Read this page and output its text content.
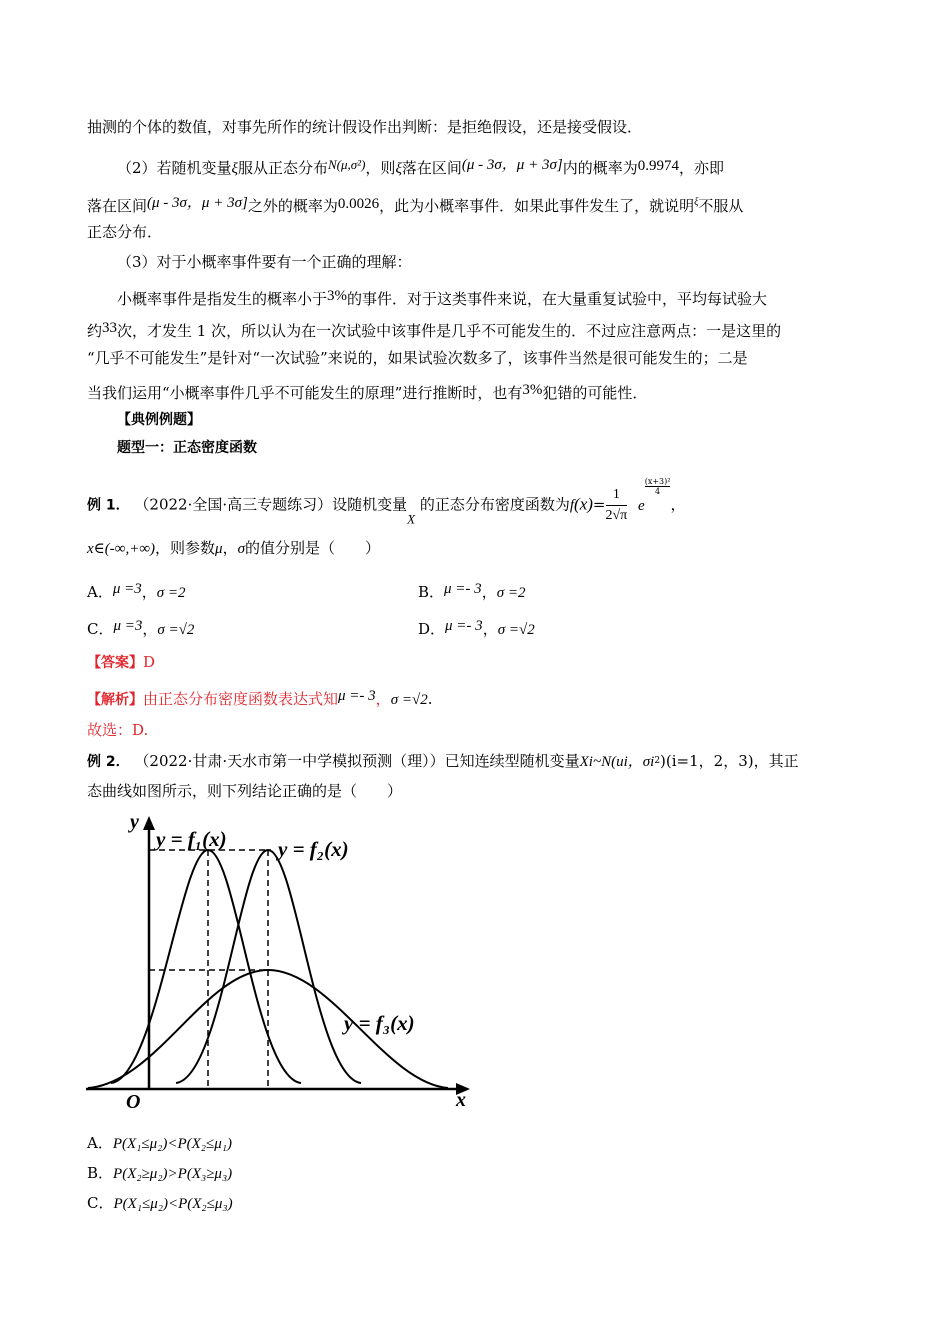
抽测的个体的数值，对事先所作的统计假设作出判断：是拒绝假设，还是接受假设．
（2）若随机变量ξ服从正态分布N(μ,σ²)，则ξ落在区间(μ - 3σ，μ + 3σ]内的概率为0.9974，亦即
落在区间(μ - 3σ，μ + 3σ]之外的概率为0.0026，此为小概率事件．如果此事件发生了，就说明$^\xi$不服从
正态分布．
（3）对于小概率事件要有一个正确的理解：
小概率事件是指发生的概率小于3%的事件．对于这类事件来说，在大量重复试验中，平均每试验大
约33次，才发生 1 次，所以认为在一次试验中该事件是几乎不可能发生的．不过应注意两点：一是这里的
“几乎不可能发生”是针对“一次试验”来说的，如果试验次数多了，该事件当然是很可能发生的；二是
当我们运用“小概率事件几乎不可能发生的原理”进行推断时，也有3%犯错的可能性．
【典例例题】
题型一：正态密度函数
例 1． （2022·全国·高三专题练习）设随机变量X 的正态分布密度函数为$f(x)= \frac{1}{2√\pi}$ e
$\frac{\text{(x+3)²}}{4}$
，
x∈(-∞,+∞)，则参数μ，σ的值分别是（　　）
A．μ =3，σ =2	B．μ =- 3，σ =2
C．μ =3，σ =√2	D．μ =- 3，σ =√2
【答案】D
【解析】由正态分布密度函数表达式知μ =- 3，σ =√2.
故选：D.
例 2． （2022·甘肃·天水市第一中学模拟预测（理））已知连续型随机变量Xi~N(ui，$\sigma i^2)(i=1$，2，3)，其正
态曲线如图所示，则下列结论正确的是（　　）
y
x
O
y = f₁(x) y = f₂(x)
y = f₃(x)
A．P(X₁≤μ₂)<P(X₂≤μ₁)
B．P(X₂≥μ₂)>P(X₃≥μ₃)
C．P(X₁≤μ₂)<P(X₂≤μ₃)
